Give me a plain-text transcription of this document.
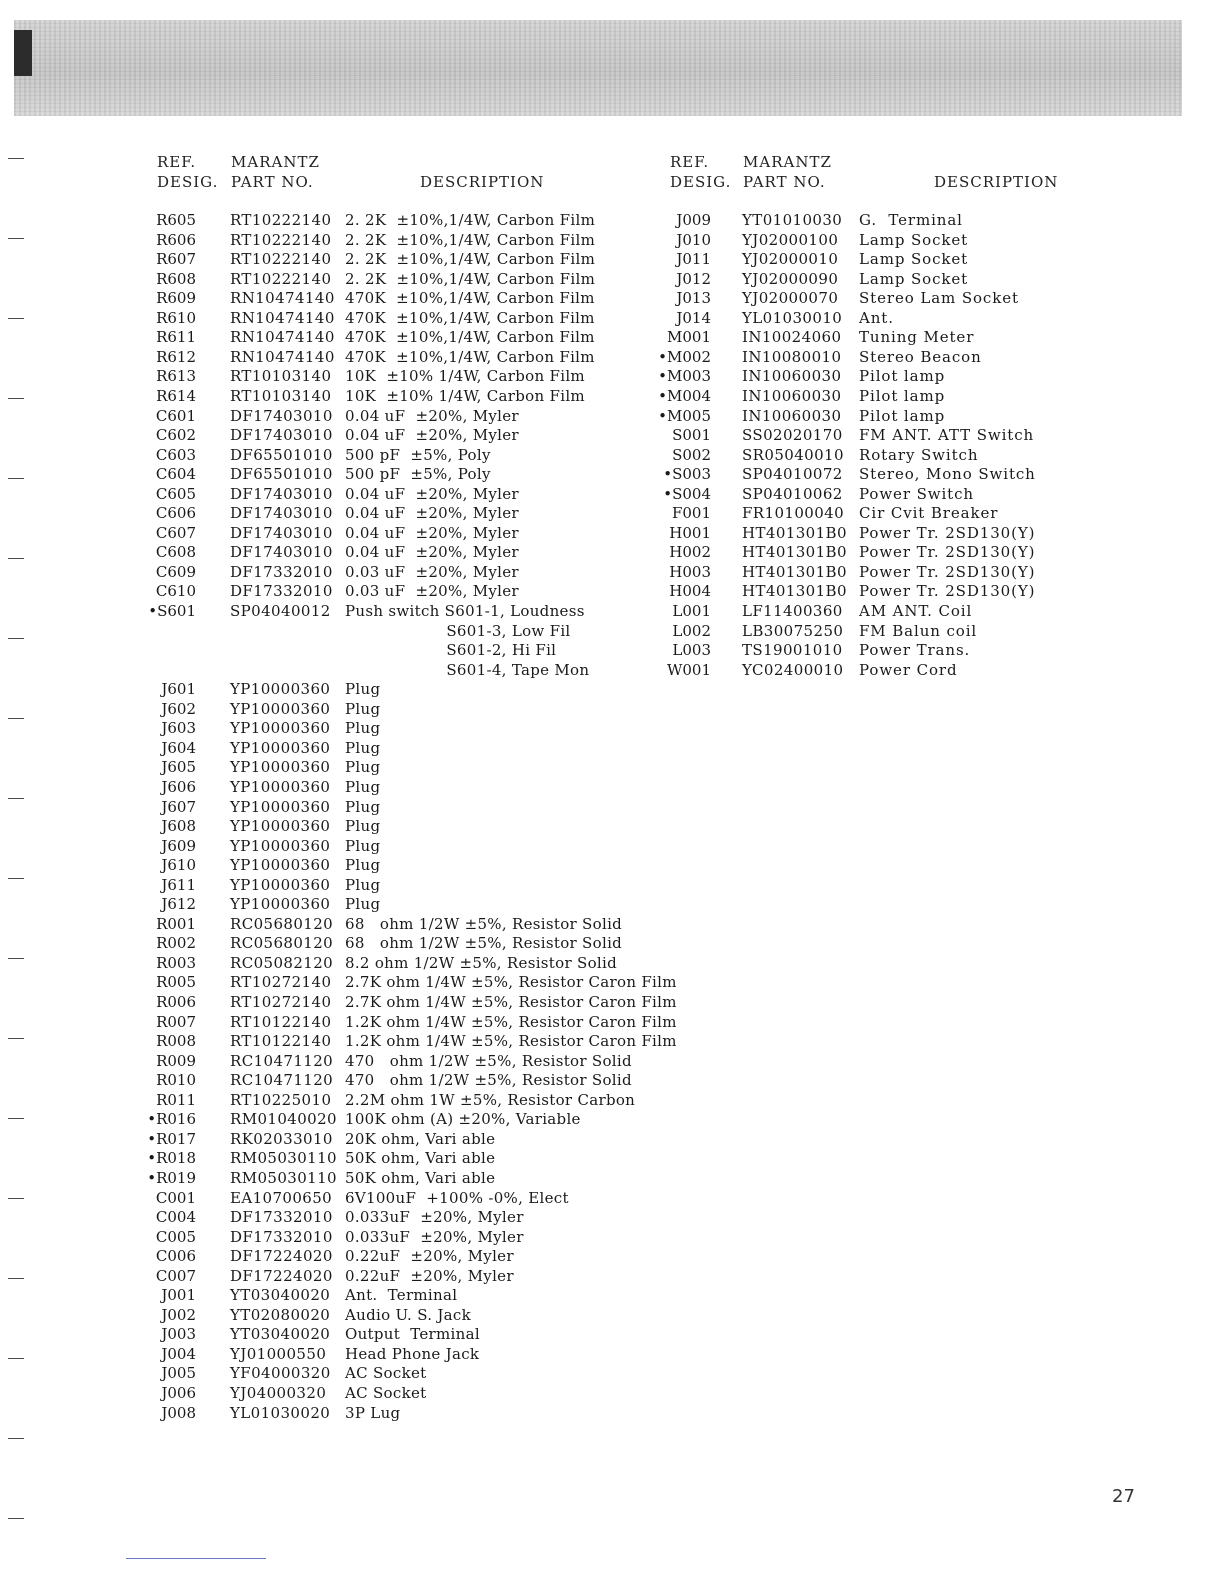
REF.
DESIG.
MARANTZ
PART NO.	DESCRIPTION
REF.
DESIG.
MARANTZ
PART NO.	DESCRIPTION
R605 RT10222140 2. 2K  ±10%,1/4W, Carbon Film
R606 RT10222140 2. 2K  ±10%,1/4W, Carbon Film
R607 RT10222140 2. 2K  ±10%,1/4W, Carbon Film
R608 RT10222140 2. 2K  ±10%,1/4W, Carbon Film
R609 RN10474140 470K  ±10%,1/4W, Carbon Film
R610 RN10474140 470K  ±10%,1/4W, Carbon Film
R611 RN10474140 470K  ±10%,1/4W, Carbon Film
R612 RN10474140 470K  ±10%,1/4W, Carbon Film
R613 RT10103140 10K  ±10% 1/4W, Carbon Film
R614 RT10103140 10K  ±10% 1/4W, Carbon Film
C601 DF17403010 0.04 uF  ±20%, Myler
C602 DF17403010 0.04 uF  ±20%, Myler
C603 DF65501010 500 pF  ±5%, Poly
C604 DF65501010 500 pF  ±5%, Poly
C605 DF17403010 0.04 uF  ±20%, Myler
C606 DF17403010 0.04 uF  ±20%, Myler
C607 DF17403010 0.04 uF  ±20%, Myler
C608 DF17403010 0.04 uF  ±20%, Myler
C609 DF17332010 0.03 uF  ±20%, Myler
C610 DF17332010 0.03 uF  ±20%, Myler
•S601 SP04040012 Push switch S601-1, Loudness
S601-3, Low Fil
S601-2, Hi Fil
S601-4, Tape Mon
J601 YP10000360 Plug
J602 YP10000360 Plug
J603 YP10000360 Plug
J604 YP10000360 Plug
J605 YP10000360 Plug
J606 YP10000360 Plug
J607 YP10000360 Plug
J608 YP10000360 Plug
J609 YP10000360 Plug
J610 YP10000360 Plug
J611 YP10000360 Plug
J612 YP10000360 Plug
R001 RC05680120 68   ohm 1/2W ±5%, Resistor Solid
R002 RC05680120 68   ohm 1/2W ±5%, Resistor Solid
R003 RC05082120 8.2 ohm 1/2W ±5%, Resistor Solid
R005 RT10272140 2.7K ohm 1/4W ±5%, Resistor Caron Film
R006 RT10272140 2.7K ohm 1/4W ±5%, Resistor Caron Film
R007 RT10122140 1.2K ohm 1/4W ±5%, Resistor Caron Film
R008 RT10122140 1.2K ohm 1/4W ±5%, Resistor Caron Film
R009 RC10471120 470   ohm 1/2W ±5%, Resistor Solid
R010 RC10471120 470   ohm 1/2W ±5%, Resistor Solid
R011 RT10225010 2.2M ohm 1W ±5%, Resistor Carbon
•R016 RM01040020 100K ohm (A) ±20%, Variable
•R017 RK02033010 20K ohm, Vari able
•R018 RM05030110 50K ohm, Vari able
•R019 RM05030110 50K ohm, Vari able
C001 EA10700650 6V100uF  +100% -0%, Elect
C004 DF17332010 0.033uF  ±20%, Myler
C005 DF17332010 0.033uF  ±20%, Myler
C006 DF17224020 0.22uF  ±20%, Myler
C007 DF17224020 0.22uF  ±20%, Myler
J001 YT03040020 Ant.  Terminal
J002 YT02080020 Audio U. S. Jack
J003 YT03040020 Output  Terminal
J004 YJ01000550 Head Phone Jack
J005 YF04000320 AC Socket
J006 YJ04000320 AC Socket
J008 YL01030020 3P Lug
J009 YT01010030 G.  Terminal
J010 YJ02000100 Lamp Socket
J011 YJ02000010 Lamp Socket
J012 YJ02000090 Lamp Socket
J013 YJ02000070 Stereo Lam Socket
J014 YL01030010 Ant.
M001 IN10024060 Tuning Meter
•M002 IN10080010 Stereo Beacon
•M003 IN10060030 Pilot lamp
•M004 IN10060030 Pilot lamp
•M005 IN10060030 Pilot lamp
S001 SS02020170 FM ANT. ATT Switch
S002 SR05040010 Rotary Switch
•S003 SP04010072 Stereo, Mono Switch
•S004 SP04010062 Power Switch
F001 FR10100040 Cir Cvit Breaker
H001 HT401301B0 Power Tr. 2SD130(Y)
H002 HT401301B0 Power Tr. 2SD130(Y)
H003 HT401301B0 Power Tr. 2SD130(Y)
H004 HT401301B0 Power Tr. 2SD130(Y)
L001 LF11400360 AM ANT. Coil
L002 LB30075250 FM Balun coil
L003 TS19001010 Power Trans.
W001 YC02400010 Power Cord
27
